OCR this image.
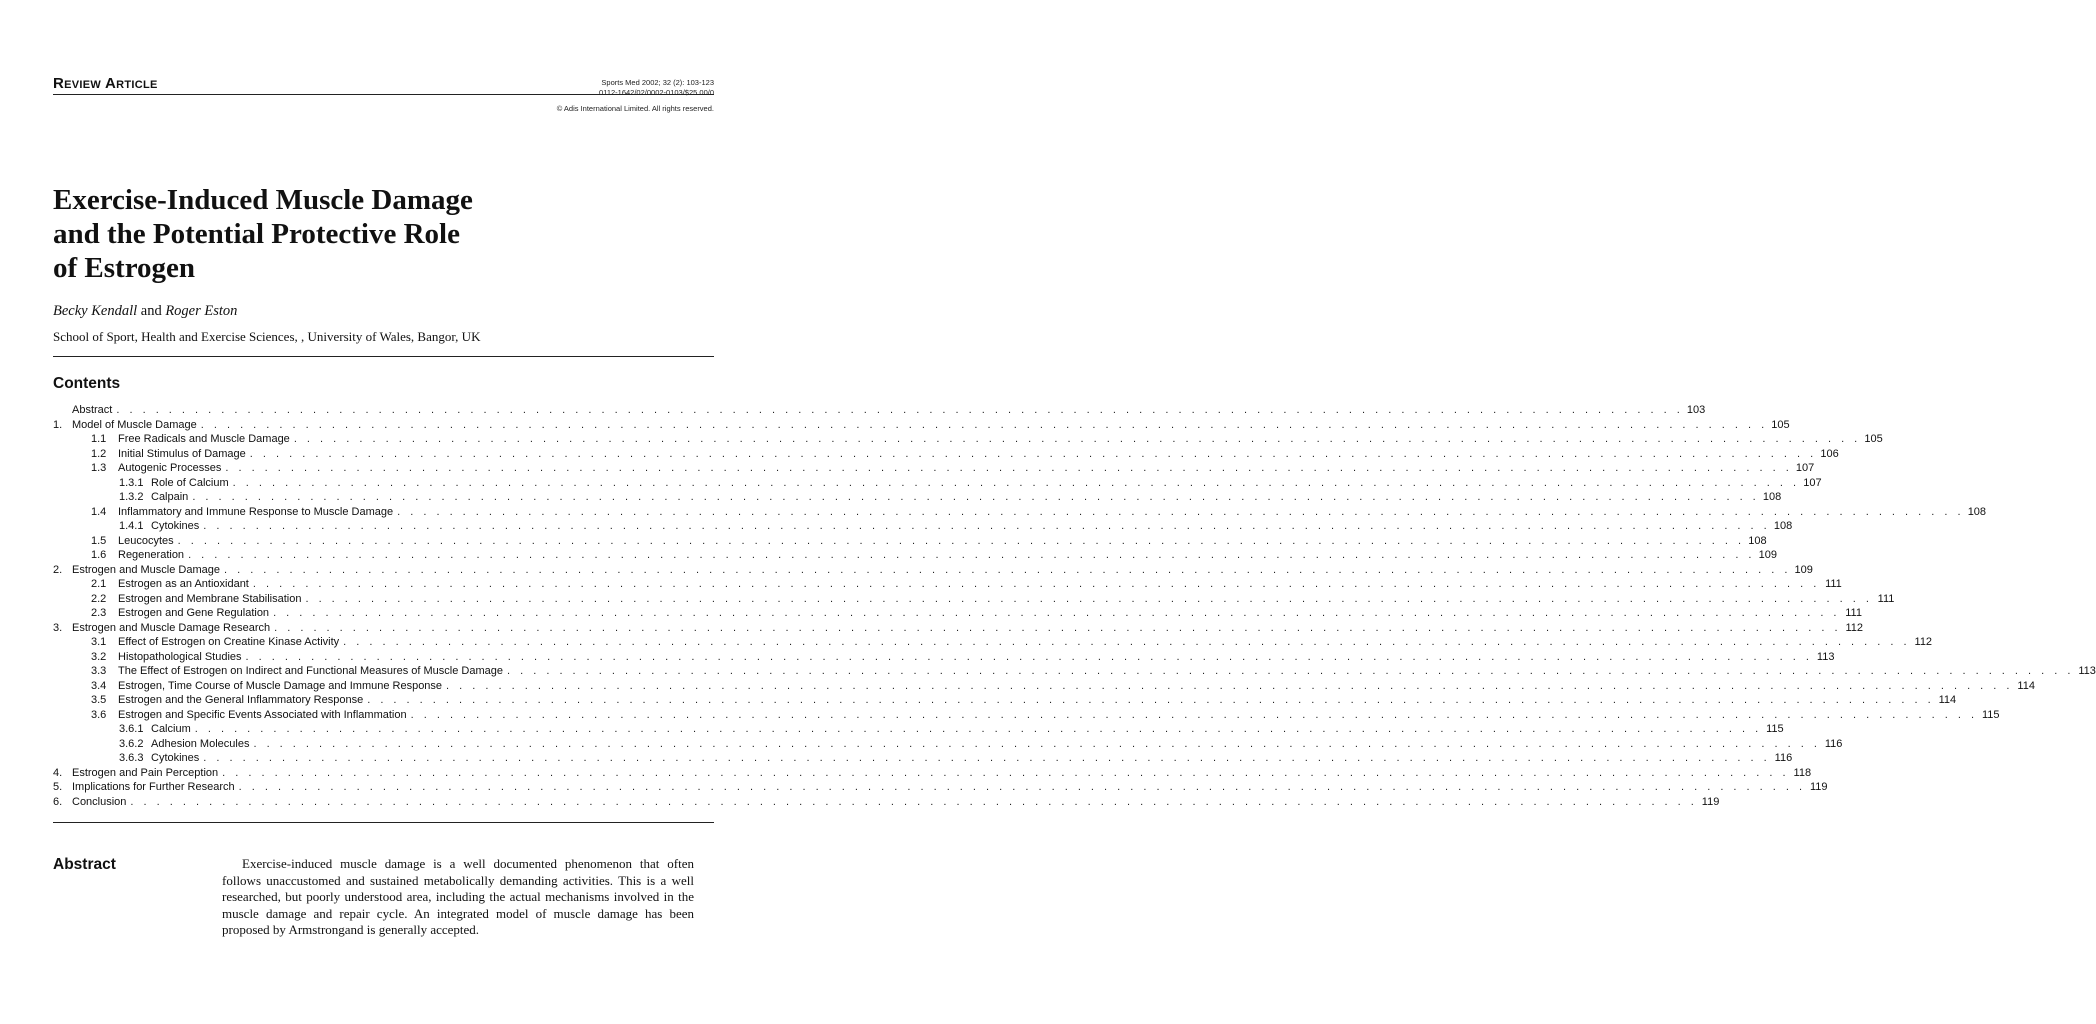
Review Article	Sports Med 2002; 32 (2): 103-123
0112-1642/02/0002-0103/$25.00/0
© Adis International Limited. All rights reserved.
Exercise-Induced Muscle Damage
and the Potential Protective Role
of Estrogen
Becky Kendall and Roger Eston
School of Sport, Health and Exercise Sciences, , University of Wales, Bangor, UK
Contents
Abstract . . . . . . . . . . . . . . . . . . . . . . . . . . . . . . . . . . . . . . . . . . . . . . . . . . . . . . . . . . . . . . . . . . . . . . . . . . . . . . . . . . . . . . . . . . . . . . . . . . . . . . . . . . . . . . . . . . . . . . . . 103
1. Model of Muscle Damage . . . . . . . . . . . . . . . . . . . . . . . . . . . . . . . . . . . . . . . . . . . . . . . . . . . . . . . . . . . . . . . . . . . . . . . . . . . . . . . . . . . . . . . . . . . . . . . . . . . . . . . . . . . . . . . . . . . . . . . . 105
1.1	Free Radicals and Muscle Damage . . . . . . . . . . . . . . . . . . . . . . . . . . . . . . . . . . . . . . . . . . . . . . . . . . . . . . . . . . . . . . . . . . . . . . . . . . . . . . . . . . . . . . . . . . . . . . . . . . . . . . . . . . . . . . . . . . . . . . . . 105
1.2	Initial Stimulus of Damage . . . . . . . . . . . . . . . . . . . . . . . . . . . . . . . . . . . . . . . . . . . . . . . . . . . . . . . . . . . . . . . . . . . . . . . . . . . . . . . . . . . . . . . . . . . . . . . . . . . . . . . . . . . . . . . . . . . . . . . . 106
1.3	Autogenic Processes . . . . . . . . . . . . . . . . . . . . . . . . . . . . . . . . . . . . . . . . . . . . . . . . . . . . . . . . . . . . . . . . . . . . . . . . . . . . . . . . . . . . . . . . . . . . . . . . . . . . . . . . . . . . . . . . . . . . . . . . 107
1.3.1 Role of Calcium . . . . . . . . . . . . . . . . . . . . . . . . . . . . . . . . . . . . . . . . . . . . . . . . . . . . . . . . . . . . . . . . . . . . . . . . . . . . . . . . . . . . . . . . . . . . . . . . . . . . . . . . . . . . . . . . . . . . . . . . 107
1.3.2 Calpain . . . . . . . . . . . . . . . . . . . . . . . . . . . . . . . . . . . . . . . . . . . . . . . . . . . . . . . . . . . . . . . . . . . . . . . . . . . . . . . . . . . . . . . . . . . . . . . . . . . . . . . . . . . . . . . . . . . . . . . . 108
1.4	Inflammatory and Immune Response to Muscle Damage . . . . . . . . . . . . . . . . . . . . . . . . . . . . . . . . . . . . . . . . . . . . . . . . . . . . . . . . . . . . . . . . . . . . . . . . . . . . . . . . . . . . . . . . . . . . . . . . . . . . . . . . . . . . . . . . . . . . . . . . 108
1.4.1 Cytokines . . . . . . . . . . . . . . . . . . . . . . . . . . . . . . . . . . . . . . . . . . . . . . . . . . . . . . . . . . . . . . . . . . . . . . . . . . . . . . . . . . . . . . . . . . . . . . . . . . . . . . . . . . . . . . . . . . . . . . . . 108
1.5	Leucocytes . . . . . . . . . . . . . . . . . . . . . . . . . . . . . . . . . . . . . . . . . . . . . . . . . . . . . . . . . . . . . . . . . . . . . . . . . . . . . . . . . . . . . . . . . . . . . . . . . . . . . . . . . . . . . . . . . . . . . . . . 108
1.6	Regeneration . . . . . . . . . . . . . . . . . . . . . . . . . . . . . . . . . . . . . . . . . . . . . . . . . . . . . . . . . . . . . . . . . . . . . . . . . . . . . . . . . . . . . . . . . . . . . . . . . . . . . . . . . . . . . . . . . . . . . . . . 109
2. Estrogen and Muscle Damage . . . . . . . . . . . . . . . . . . . . . . . . . . . . . . . . . . . . . . . . . . . . . . . . . . . . . . . . . . . . . . . . . . . . . . . . . . . . . . . . . . . . . . . . . . . . . . . . . . . . . . . . . . . . . . . . . . . . . . . . 109
2.1	Estrogen as an Antioxidant . . . . . . . . . . . . . . . . . . . . . . . . . . . . . . . . . . . . . . . . . . . . . . . . . . . . . . . . . . . . . . . . . . . . . . . . . . . . . . . . . . . . . . . . . . . . . . . . . . . . . . . . . . . . . . . . . . . . . . . . 111
2.2	Estrogen and Membrane Stabilisation . . . . . . . . . . . . . . . . . . . . . . . . . . . . . . . . . . . . . . . . . . . . . . . . . . . . . . . . . . . . . . . . . . . . . . . . . . . . . . . . . . . . . . . . . . . . . . . . . . . . . . . . . . . . . . . . . . . . . . . . 111
2.3	Estrogen and Gene Regulation . . . . . . . . . . . . . . . . . . . . . . . . . . . . . . . . . . . . . . . . . . . . . . . . . . . . . . . . . . . . . . . . . . . . . . . . . . . . . . . . . . . . . . . . . . . . . . . . . . . . . . . . . . . . . . . . . . . . . . . . 111
3. Estrogen and Muscle Damage Research . . . . . . . . . . . . . . . . . . . . . . . . . . . . . . . . . . . . . . . . . . . . . . . . . . . . . . . . . . . . . . . . . . . . . . . . . . . . . . . . . . . . . . . . . . . . . . . . . . . . . . . . . . . . . . . . . . . . . . . . 112
3.1	Effect of Estrogen on Creatine Kinase Activity . . . . . . . . . . . . . . . . . . . . . . . . . . . . . . . . . . . . . . . . . . . . . . . . . . . . . . . . . . . . . . . . . . . . . . . . . . . . . . . . . . . . . . . . . . . . . . . . . . . . . . . . . . . . . . . . . . . . . . . . 112
3.2	Histopathological Studies . . . . . . . . . . . . . . . . . . . . . . . . . . . . . . . . . . . . . . . . . . . . . . . . . . . . . . . . . . . . . . . . . . . . . . . . . . . . . . . . . . . . . . . . . . . . . . . . . . . . . . . . . . . . . . . . . . . . . . . . 113
3.3	The Effect of Estrogen on Indirect and Functional Measures of Muscle Damage . . . . . . . . . . . . . . . . . . . . . . . . . . . . . . . . . . . . . . . . . . . . . . . . . . . . . . . . . . . . . . . . . . . . . . . . . . . . . . . . . . . . . . . . . . . . . . . . . . . . . . . . . . . . . . . . . . . . . . . . 113
3.4	Estrogen, Time Course of Muscle Damage and Immune Response . . . . . . . . . . . . . . . . . . . . . . . . . . . . . . . . . . . . . . . . . . . . . . . . . . . . . . . . . . . . . . . . . . . . . . . . . . . . . . . . . . . . . . . . . . . . . . . . . . . . . . . . . . . . . . . . . . . . . . . . 114
3.5	Estrogen and the General Inflammatory Response . . . . . . . . . . . . . . . . . . . . . . . . . . . . . . . . . . . . . . . . . . . . . . . . . . . . . . . . . . . . . . . . . . . . . . . . . . . . . . . . . . . . . . . . . . . . . . . . . . . . . . . . . . . . . . . . . . . . . . . . 114
3.6	Estrogen and Specific Events Associated with Inflammation . . . . . . . . . . . . . . . . . . . . . . . . . . . . . . . . . . . . . . . . . . . . . . . . . . . . . . . . . . . . . . . . . . . . . . . . . . . . . . . . . . . . . . . . . . . . . . . . . . . . . . . . . . . . . . . . . . . . . . . . 115
3.6.1 Calcium . . . . . . . . . . . . . . . . . . . . . . . . . . . . . . . . . . . . . . . . . . . . . . . . . . . . . . . . . . . . . . . . . . . . . . . . . . . . . . . . . . . . . . . . . . . . . . . . . . . . . . . . . . . . . . . . . . . . . . . . 115
3.6.2 Adhesion Molecules . . . . . . . . . . . . . . . . . . . . . . . . . . . . . . . . . . . . . . . . . . . . . . . . . . . . . . . . . . . . . . . . . . . . . . . . . . . . . . . . . . . . . . . . . . . . . . . . . . . . . . . . . . . . . . . . . . . . . . . . 116
3.6.3 Cytokines . . . . . . . . . . . . . . . . . . . . . . . . . . . . . . . . . . . . . . . . . . . . . . . . . . . . . . . . . . . . . . . . . . . . . . . . . . . . . . . . . . . . . . . . . . . . . . . . . . . . . . . . . . . . . . . . . . . . . . . . 116
4. Estrogen and Pain Perception . . . . . . . . . . . . . . . . . . . . . . . . . . . . . . . . . . . . . . . . . . . . . . . . . . . . . . . . . . . . . . . . . . . . . . . . . . . . . . . . . . . . . . . . . . . . . . . . . . . . . . . . . . . . . . . . . . . . . . . . 118
5. Implications for Further Research . . . . . . . . . . . . . . . . . . . . . . . . . . . . . . . . . . . . . . . . . . . . . . . . . . . . . . . . . . . . . . . . . . . . . . . . . . . . . . . . . . . . . . . . . . . . . . . . . . . . . . . . . . . . . . . . . . . . . . . . 119
6. Conclusion . . . . . . . . . . . . . . . . . . . . . . . . . . . . . . . . . . . . . . . . . . . . . . . . . . . . . . . . . . . . . . . . . . . . . . . . . . . . . . . . . . . . . . . . . . . . . . . . . . . . . . . . . . . . . . . . . . . . . . . . 119
Abstract	Exercise-induced muscle damage is a well documented phenomenon that often follows unaccustomed and sustained metabolically demanding activities. This is a well researched, but poorly understood area, including the actual mechanisms involved in the muscle damage and repair cycle. An integrated model of muscle damage has been proposed by Armstrongand is generally accepted.
